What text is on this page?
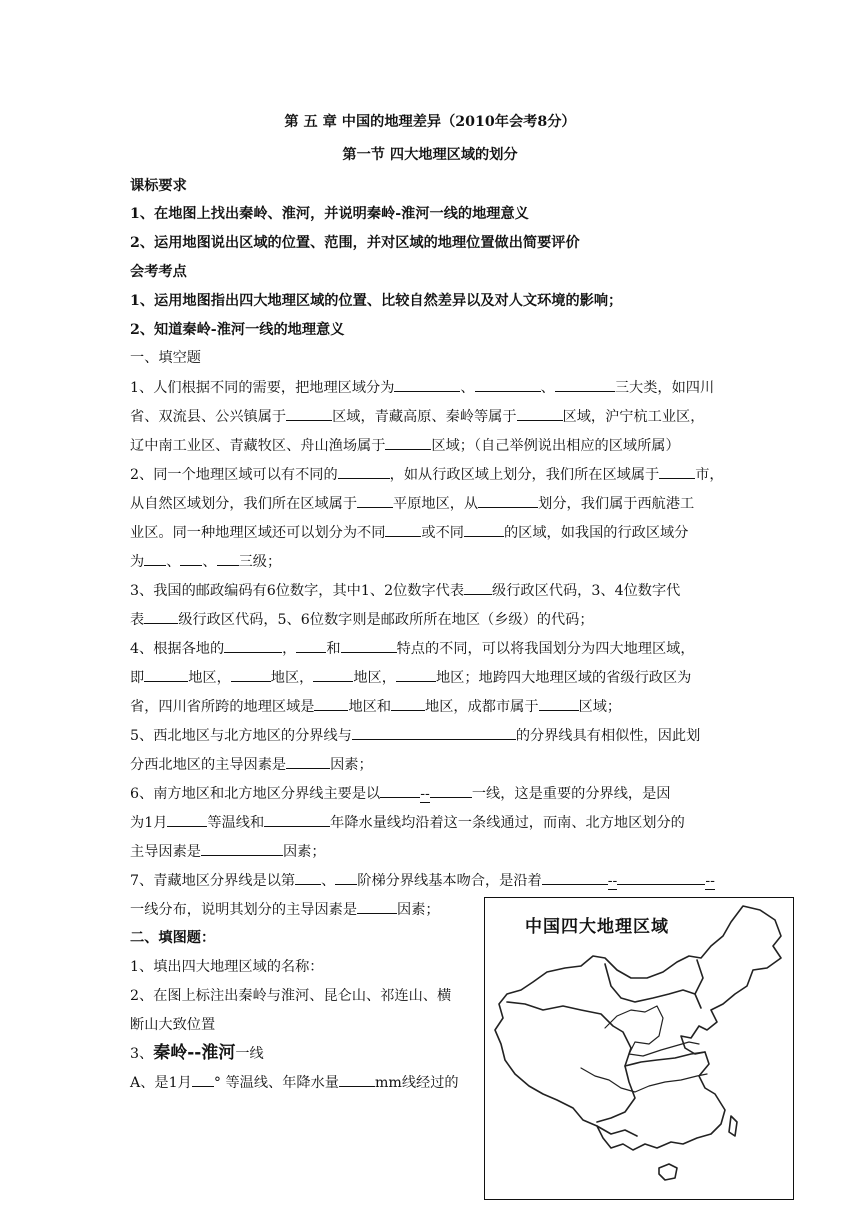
第 五 章 中国的地理差异（2010年会考8分）
第一节 四大地理区域的划分
课标要求
1、在地图上找出秦岭、淮河，并说明秦岭-淮河一线的地理意义
2、运用地图说出区域的位置、范围，并对区域的地理位置做出简要评价
会考考点
1、运用地图指出四大地理区域的位置、比较自然差异以及对人文环境的影响；
2、知道秦岭-淮河一线的地理意义
一、填空题
1、人们根据不同的需要，把地理区域分为	、	、	三大类，如四川
省、双流县、公兴镇属于	区域，青藏高原、秦岭等属于	区域，沪宁杭工业区，
辽中南工业区、青藏牧区、舟山渔场属于	区域；（自己举例说出相应的区域所属）
2、同一个地理区域可以有不同的	，如从行政区域上划分，我们所在区域属于	市，
从自然区域划分，我们所在区域属于	平原地区，从	划分，我们属于西航港工
业区。同一种地理区域还可以划分为不同	或不同	的区域，如我国的行政区域分
为 、 、 三级；
3、我国的邮政编码有6位数字，其中1、2位数字代表 级行政区代码，3、4位数字代
表 级行政区代码，5、6位数字则是邮政所所在地区（乡级）的代码；
4、根据各地的	， 和	特点的不同，可以将我国划分为四大地理区域，
即	地区，	地区，	地区，	地区；地跨四大地理区域的省级行政区为
省，四川省所跨的地理区域是 地区和 地区，成都市属于	区域；
5、西北地区与北方地区的分界线与	的分界线具有相似性，因此划
分西北地区的主导因素是	因素；
6、南方地区和北方地区分界线主要是以	--	一线，这是重要的分界线，是因
为1月	等温线和	年降水量线均沿着这一条线通过，而南、北方地区划分的
主导因素是	因素；
7、青藏地区分界线是以第 、 阶梯分界线基本吻合，是沿着	--	--
一线分布，说明其划分的主导因素是	因素；
二、填图题：
1、填出四大地理区域的名称：
2、在图上标注出秦岭与淮河、昆仑山、祁连山、横
断山大致位置
3、秦岭--淮河一线
A、是1月 ° 等温线、年降水量	mm线经过的
中国四大地理区域
